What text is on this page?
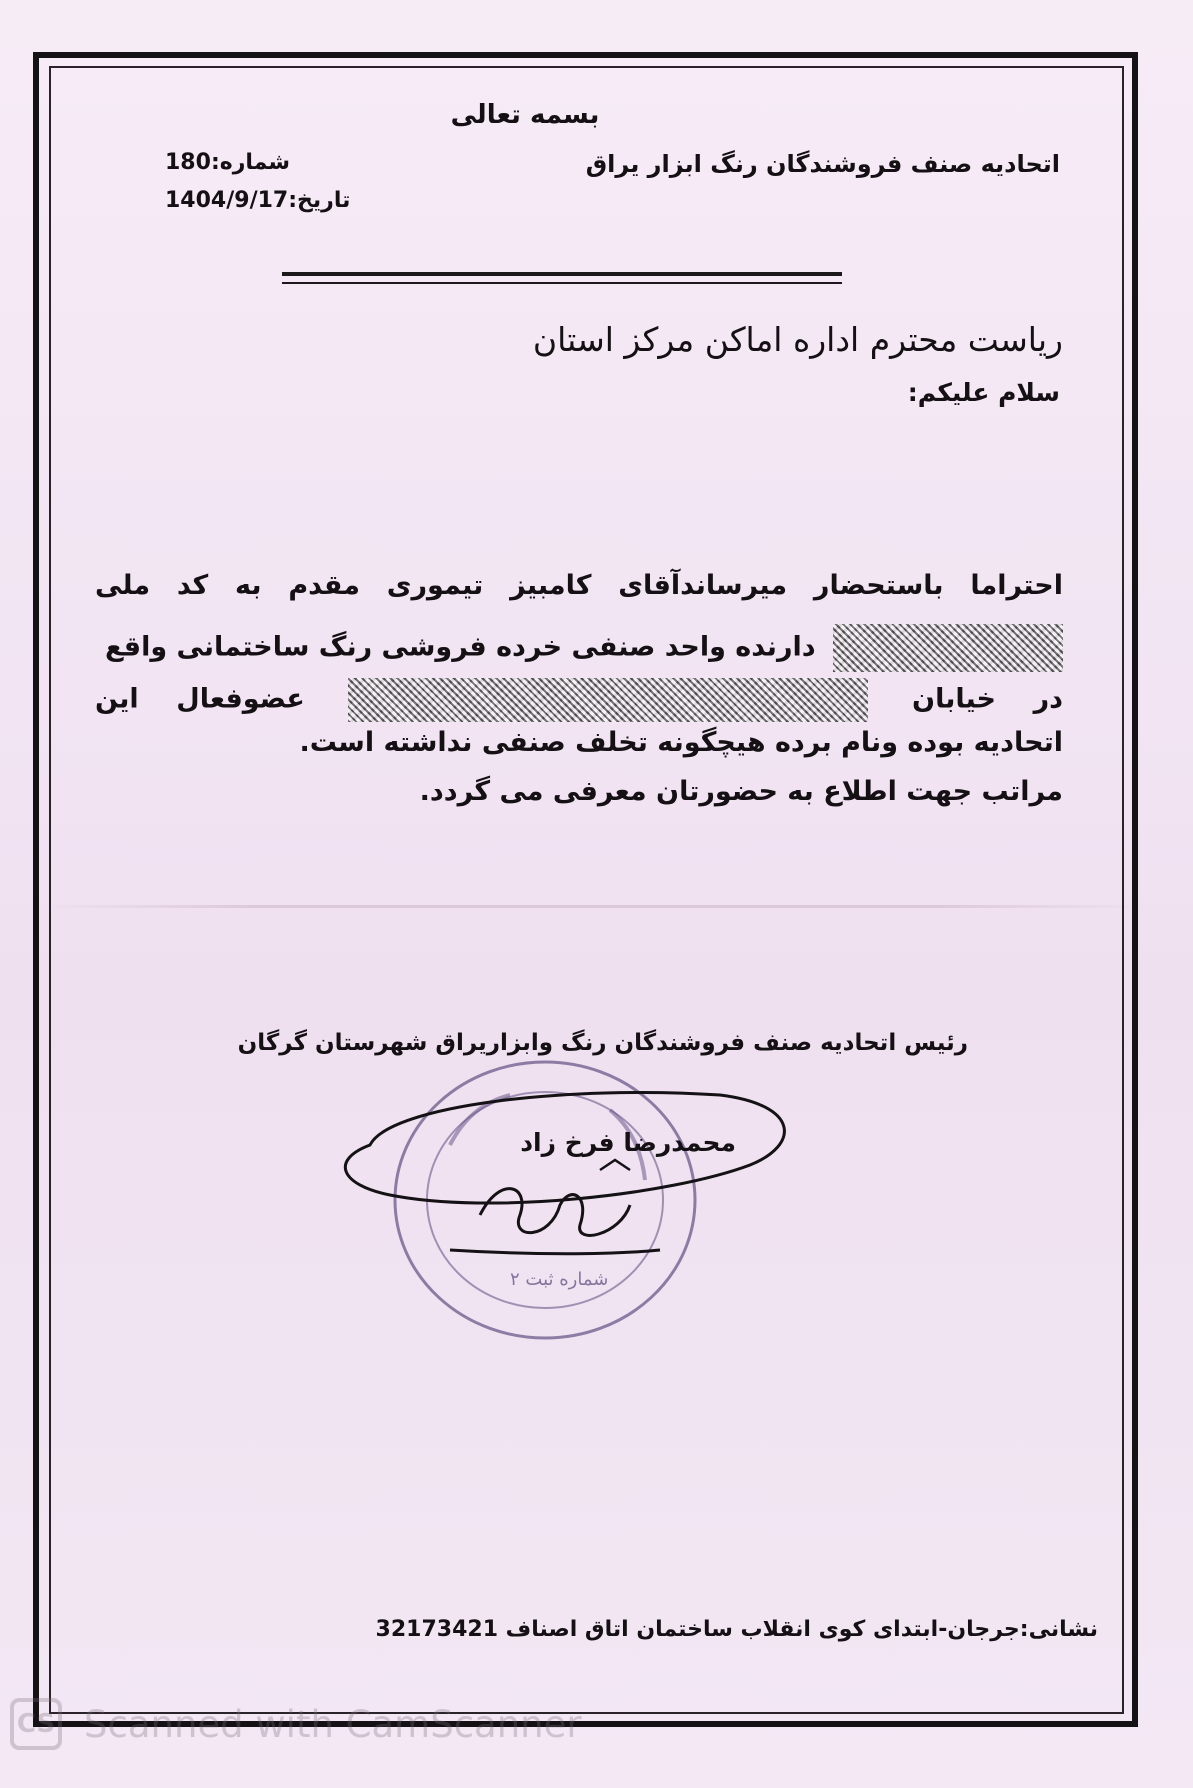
بسمه تعالی
اتحادیه صنف فروشندگان رنگ ابزار یراق
شماره:180
تاریخ:1404/9/17
ریاست محترم اداره اماکن مرکز استان
سلام علیکم:
احتراما باستحضار میرساندآقای کامبیز تیموری مقدم به کد ملی
دارنده واحد صنفی خرده فروشی رنگ ساختمانی واقع
در خیابان  عضوفعال این
اتحادیه بوده ونام برده هیچگونه تخلف صنفی نداشته است.
مراتب جهت اطلاع به حضورتان معرفی می گردد.
رئیس اتحادیه صنف فروشندگان رنگ وابزاریراق شهرستان گرگان
شماره ثبت ۲
محمدرضا فرخ زاد
نشانی:جرجان-ابتدای کوی انقلاب ساختمان اتاق اصناف 32173421
CS Scanned with CamScanner
